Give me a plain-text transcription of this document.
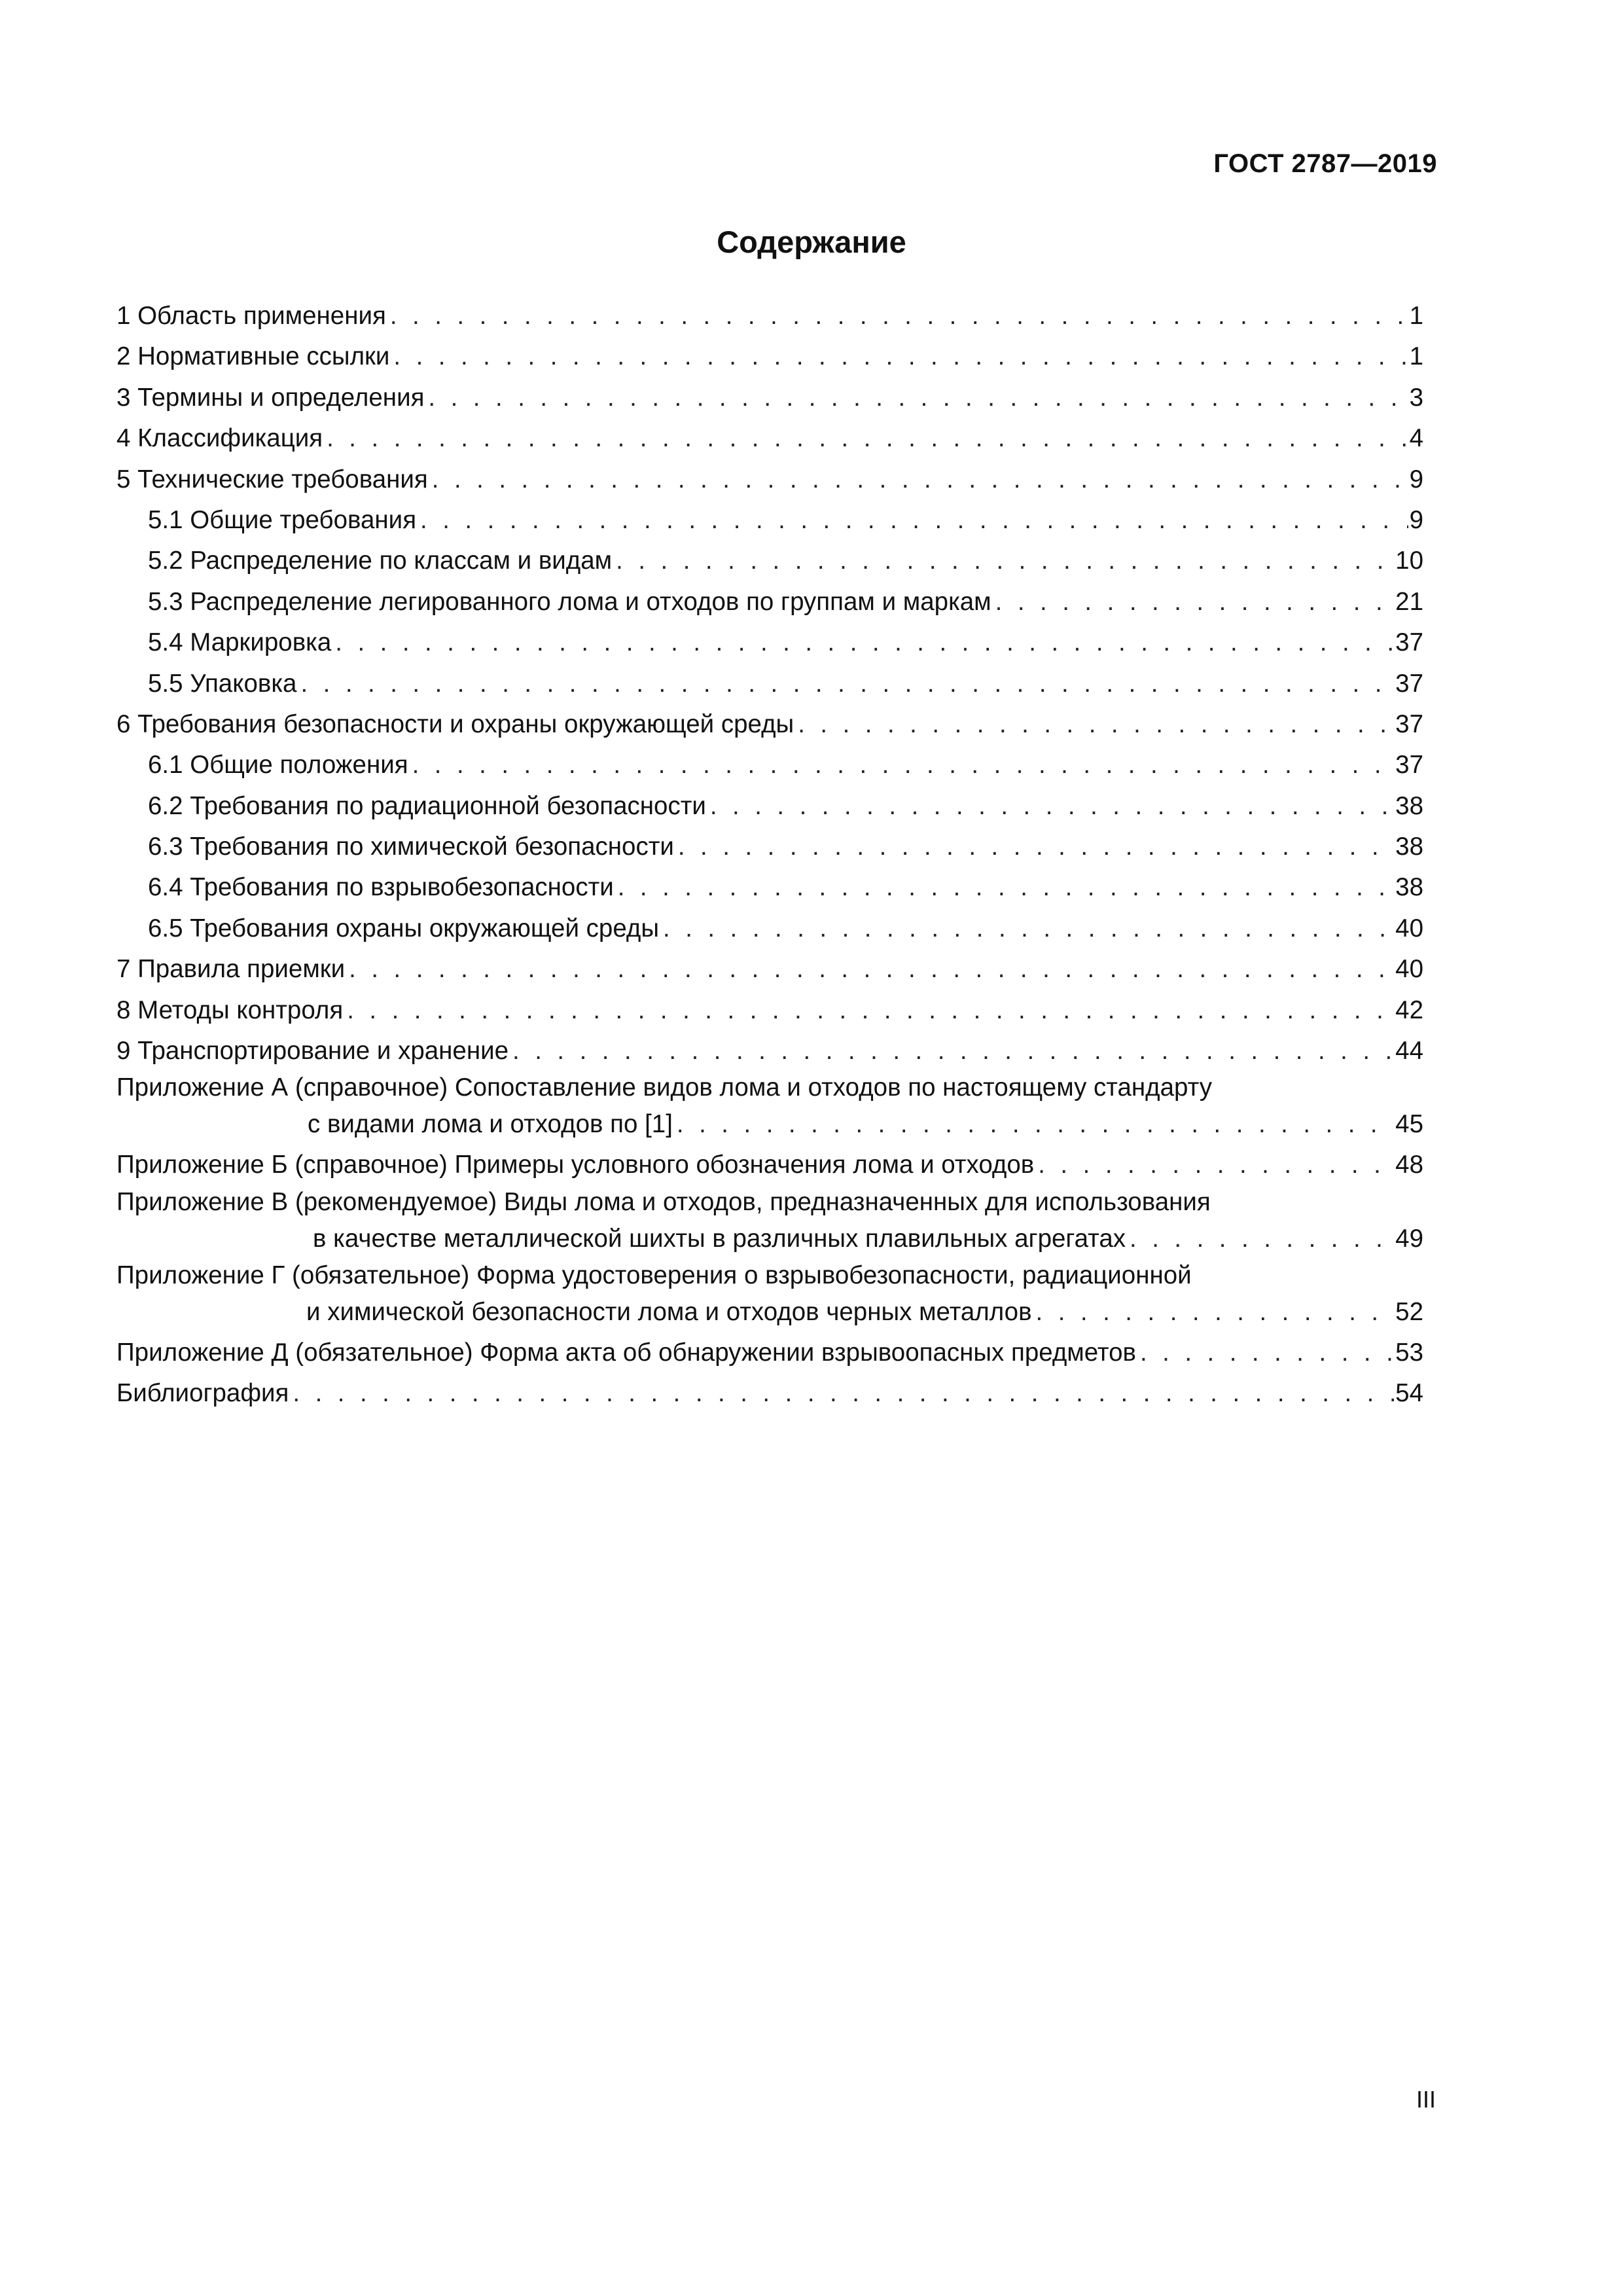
ГОСТ 2787—2019
Содержание
1 Область применения . . .	1
2 Нормативные ссылки . . .	1
3 Термины и определения . . .	3
4 Классификация . . .	4
5 Технические требования . . .	9
5.1 Общие требования . . .	9
5.2 Распределение по классам и видам . . .	10
5.3 Распределение легированного лома и отходов по группам и маркам . . .	21
5.4 Маркировка . . .	37
5.5 Упаковка . . .	37
6 Требования безопасности и охраны окружающей среды . . .	37
6.1 Общие положения . . .	37
6.2 Требования по радиационной безопасности . . .	38
6.3 Требования по химической безопасности . . .	38
6.4 Требования по взрывобезопасности . . .	38
6.5 Требования охраны окружающей среды . . .	40
7 Правила приемки . . .	40
8 Методы контроля . . .	42
9 Транспортирование и хранение . . .	44
Приложение А (справочное) Сопоставление видов лома и отходов по настоящему стандарту
с видами лома и отходов по [1] . . .	45
Приложение Б (справочное) Примеры условного обозначения лома и отходов . . .	48
Приложение В (рекомендуемое) Виды лома и отходов, предназначенных для использования
в качестве металлической шихты в различных плавильных агрегатах . . .	49
Приложение Г (обязательное) Форма удостоверения о взрывобезопасности, радиационной
и химической безопасности лома и отходов черных металлов . . .	52
Приложение Д (обязательное) Форма акта об обнаружении взрывоопасных предметов . . .	53
Библиография . . .	54
III
